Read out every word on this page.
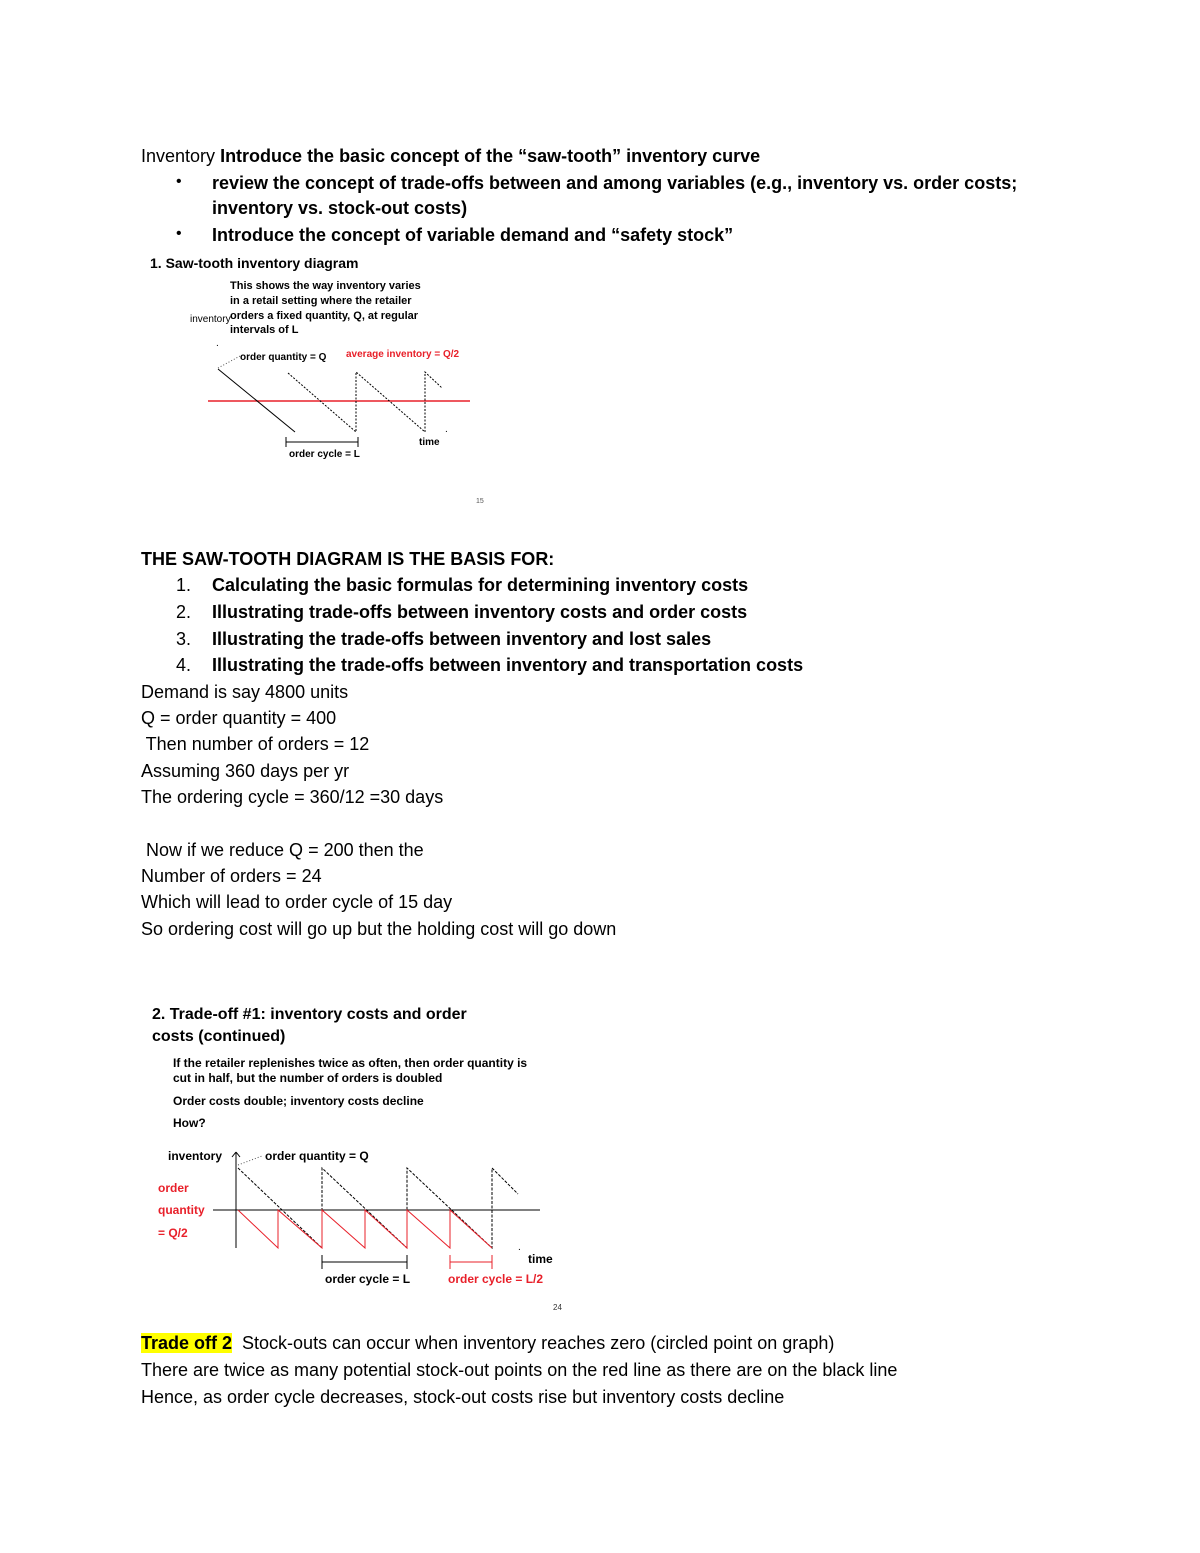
Inventory Introduce the basic concept of the “saw-tooth” inventory curve
• review the concept of trade-offs between and among variables (e.g., inventory vs. order costs;
inventory vs. stock-out costs)
• Introduce the concept of variable demand and “safety stock”
1. Saw-tooth inventory diagram
This shows the way inventory varies
in a retail setting where the retailer
orders a fixed quantity, Q, at regular
intervals of L
inventory
.
order quantity = Q average inventory = Q/2
time
.
order cycle = L
15
THE SAW-TOOTH DIAGRAM IS THE BASIS FOR:
1. Calculating the basic formulas for determining inventory costs
2. Illustrating trade-offs between inventory costs and order costs
3. Illustrating the trade-offs between inventory and lost sales
4. Illustrating the trade-offs between inventory and transportation costs
Demand is say 4800 units
Q = order quantity = 400
Then number of orders = 12
Assuming 360 days per yr
The ordering cycle = 360/12 =30 days
Now if we reduce Q = 200 then the
Number of orders = 24
Which will lead to order cycle of 15 day
So ordering cost will go up but the holding cost will go down
2. Trade-off #1: inventory costs and order
costs (continued)
If the retailer replenishes twice as often, then order quantity is
cut in half, but the number of orders is doubled
Order costs double; inventory costs decline
How?
inventory	order quantity = Q
order
quantity
= Q/2
order cycle = L	order cycle = L/2
time
.
24
Trade off 2  Stock-outs can occur when inventory reaches zero (circled point on graph)
There are twice as many potential stock-out points on the red line as there are on the black line
Hence, as order cycle decreases, stock-out costs rise but inventory costs decline
